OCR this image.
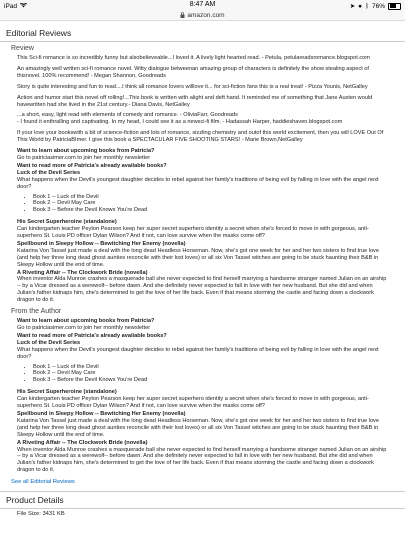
iPad	8:47 AM	➤ ● ᛒ 76%
amazon.com
Editorial Reviews
Review

This Sci-fi romance is so incredibly funny but alsobelieveable...I loved it. A lively light hearted read. - Petula, petulareadsromance.blogspot.com

An amazingly well written sci-fi romance novel. Witty dialogue betweenan amazing group of characters is definitely the show stealing aspect of thisnovel. 100% recommend! - Megan Shannon, Goodreads

Story is quite interesting and fun to read....I think all romance lovers willlove it... for sci-fiction fans this is a real treat! - Pizza Younis, NetGalley

Action and humor start this novel off rolling!...This book is written with alight and deft hand. It reminded me of something that Jane Austen would havewritten had she lived in the 21st century.- Diana Davis, NetGalley

...a short, easy, light read with elements of comedy and romance. - OliviaFarr, Goodreads
- I found it enthralling and captivating. In my head, I could see it as a newsci-fi film. - Hadassah Harper, haddieshaven.blogspot.com

If your love your bookswith a bit of science-fiction and lots of romance, sizzling chemistry and outof this world excitement, then you will LOVE Out Of This World by PatriciaBImer. I give this book a SPECTACULAR FIVE SHOOTING STARS! - Marie Brown,NetGalley

Want to learn about upcoming books from Patricia?

Go to patriciasimer.com to join her monthly newsletter

Want to read more of Patricia's already available books?

Luck of the Devil Series

What happens when the Devil's youngest daughter decides to rebel against her family's traditions of being evil by falling in love with the angel next door?

• Book 1 -- Luck of the Devil
• Book 2 -- Devil May Care
• Book 3 -- Before the Devil Knows You're Dead

His Secret Superheroine (standalone)

Can kindergarten teacher Peyton Pearson keep her super secret superhero identity a secret when she's forced to move in with gorgeous, anti-superhero St. Louis PD officer Dylan Wilson? And if not, can love survive when the masks come off?

Spellbound in Sleepy Hollow -- Bewitching Her Enemy (novella)

Katarina Von Tassel just made a deal with the long dead Headless Horseman. Now, she's got one week for her and her two sisters to find true love (and help her three long dead ghost aunties reconcile with their lost loves) or all six Von Tassel witches are going to be stuck haunting their B&B in Sleepy Hollow until the end of time.

A Riveting Affair -- The Clockwork Bride (novella)

When inventor Alda Munroe crashes a masquerade ball she never expected to find herself marrying a handsome stranger named Julian on an airship -- by a Vicar dressed as a werewolf-- before dawn. And she definitely never expected to fall in love with her new husband. But she did and when Julian's father kidnaps him, she's determined to get the love of her life back. Even if that means storming the castle and facing down a clockwork dragon to do it.

From the Author

Want to learn about upcoming books from Patricia?

Go to patriciasimer.com to join her monthly newsletter

Want to read more of Patricia's already available books?

Luck of the Devil Series

What happens when the Devil's youngest daughter decides to rebel against her family's traditions of being evil by falling in love with the angel next door?

• Book 1 -- Luck of the Devil
• Book 2 -- Devil May Care
• Book 3 -- Before the Devil Knows You're Dead

His Secret Superheroine (standalone)

Can kindergarten teacher Peyton Pearson keep her super secret superhero identity a secret when she's forced to move in with gorgeous, anti-superhero St. Louis PD officer Dylan Wilson? And if not, can love survive when the masks come off?

Spellbound in Sleepy Hollow -- Bewitching Her Enemy (novella)

Katarina Von Tassel just made a deal with the long dead Headless Horseman. Now, she's got one week for her and her two sisters to find true love (and help her three long dead ghost aunties reconcile with their lost loves) or all six Von Tassel witches are going to be stuck haunting their B&B in Sleepy Hollow until the end of time.

A Riveting Affair -- The Clockwork Bride (novella)

When inventor Alda Munroe crashes a masquerade ball she never expected to find herself marrying a handsome stranger named Julian on an airship -- by a Vicar dressed as a werewolf-- before dawn. And she definitely never expected to fall in love with her new husband. But she did and when Julian's father kidnaps him, she's determined to get the love of her life back. Even if that means storming the castle and facing down a clockwork dragon to do it.

See all Editorial Reviews
Product Details
File Size: 3431 KB
